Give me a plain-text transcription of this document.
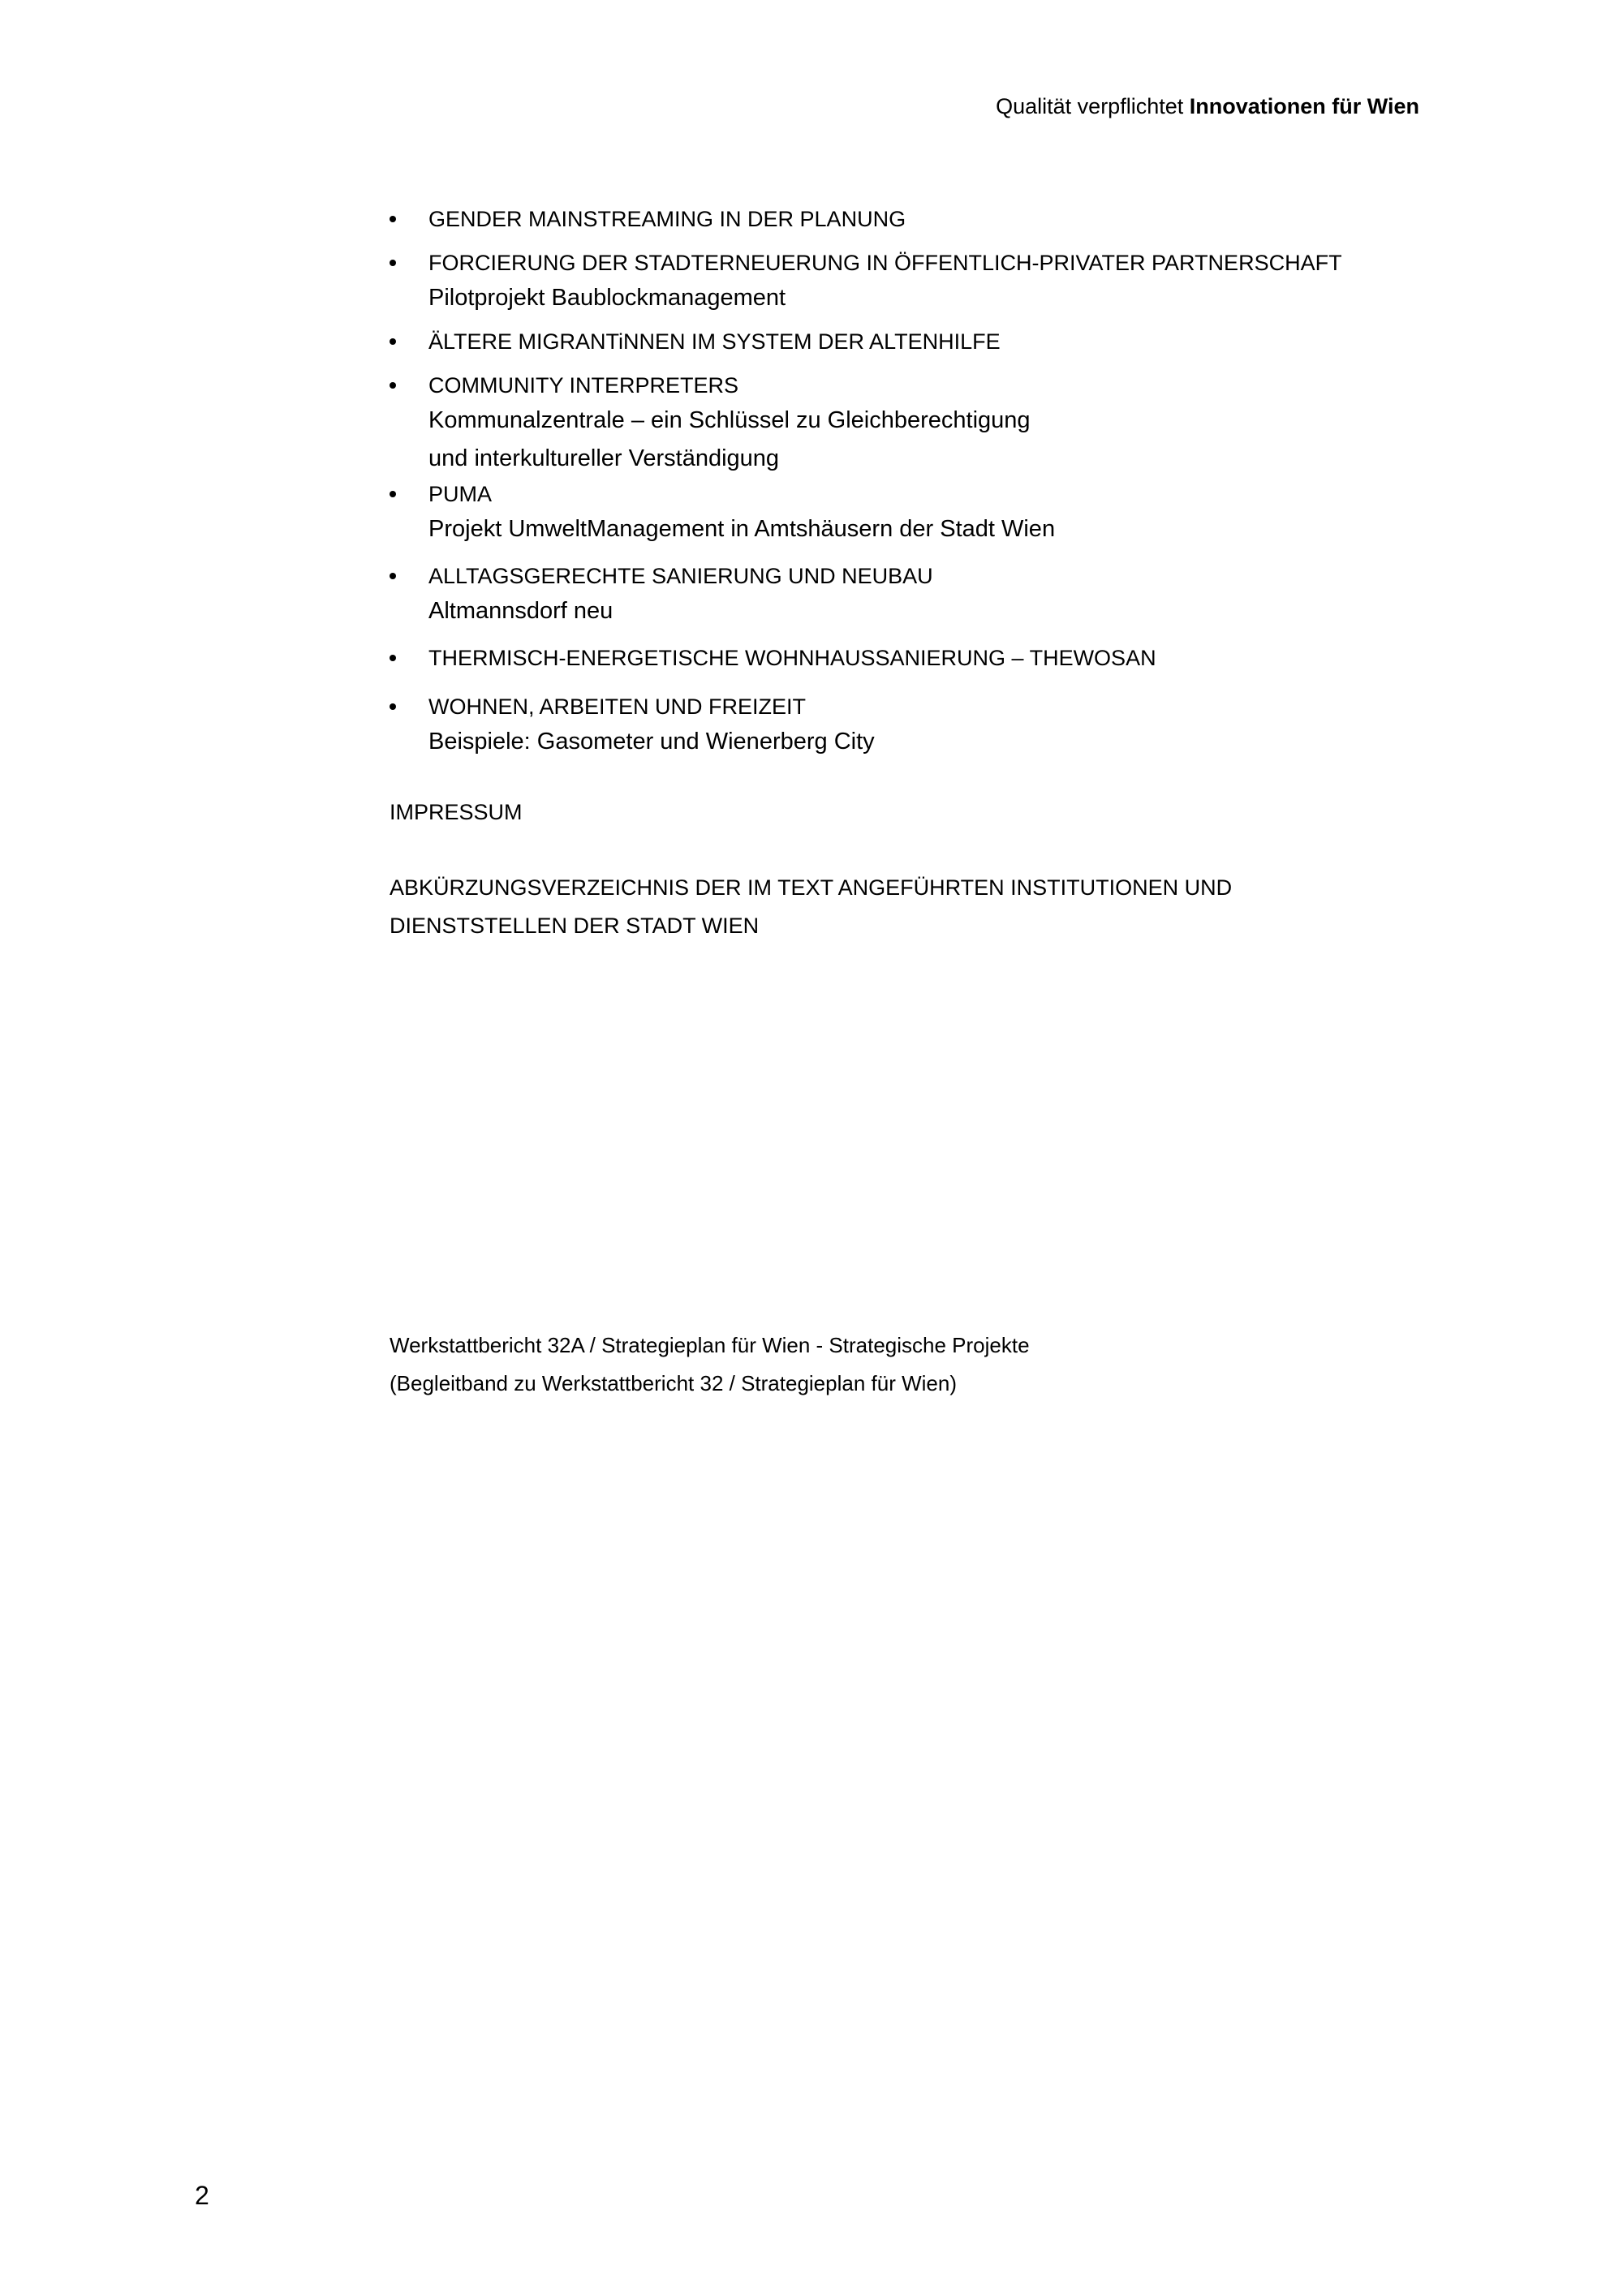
Qualität verpflichtet Innovationen für Wien
GENDER MAINSTREAMING IN DER PLANUNG
FORCIERUNG DER STADTERNEUERUNG IN ÖFFENTLICH-PRIVATER PARTNERSCHAFT
Pilotprojekt Baublockmanagement
ÄLTERE MIGRANTiNNEN IM SYSTEM DER ALTENHILFE
COMMUNITY INTERPRETERS
Kommunalzentrale – ein Schlüssel zu Gleichberechtigung
und interkultureller Verständigung
PUMA
Projekt UmweltManagement in Amtshäusern der Stadt Wien
ALLTAGSGERECHTE SANIERUNG UND NEUBAU
Altmannsdorf neu
THERMISCH-ENERGETISCHE WOHNHAUSSANIERUNG – THEWOSAN
WOHNEN, ARBEITEN UND FREIZEIT
Beispiele: Gasometer und Wienerberg City
IMPRESSUM
ABKÜRZUNGSVERZEICHNIS DER IM TEXT ANGEFÜHRTEN INSTITUTIONEN UND
DIENSTSTELLEN DER STADT WIEN
Werkstattbericht 32A / Strategieplan für Wien - Strategische Projekte
(Begleitband zu Werkstattbericht 32 / Strategieplan für Wien)
2
